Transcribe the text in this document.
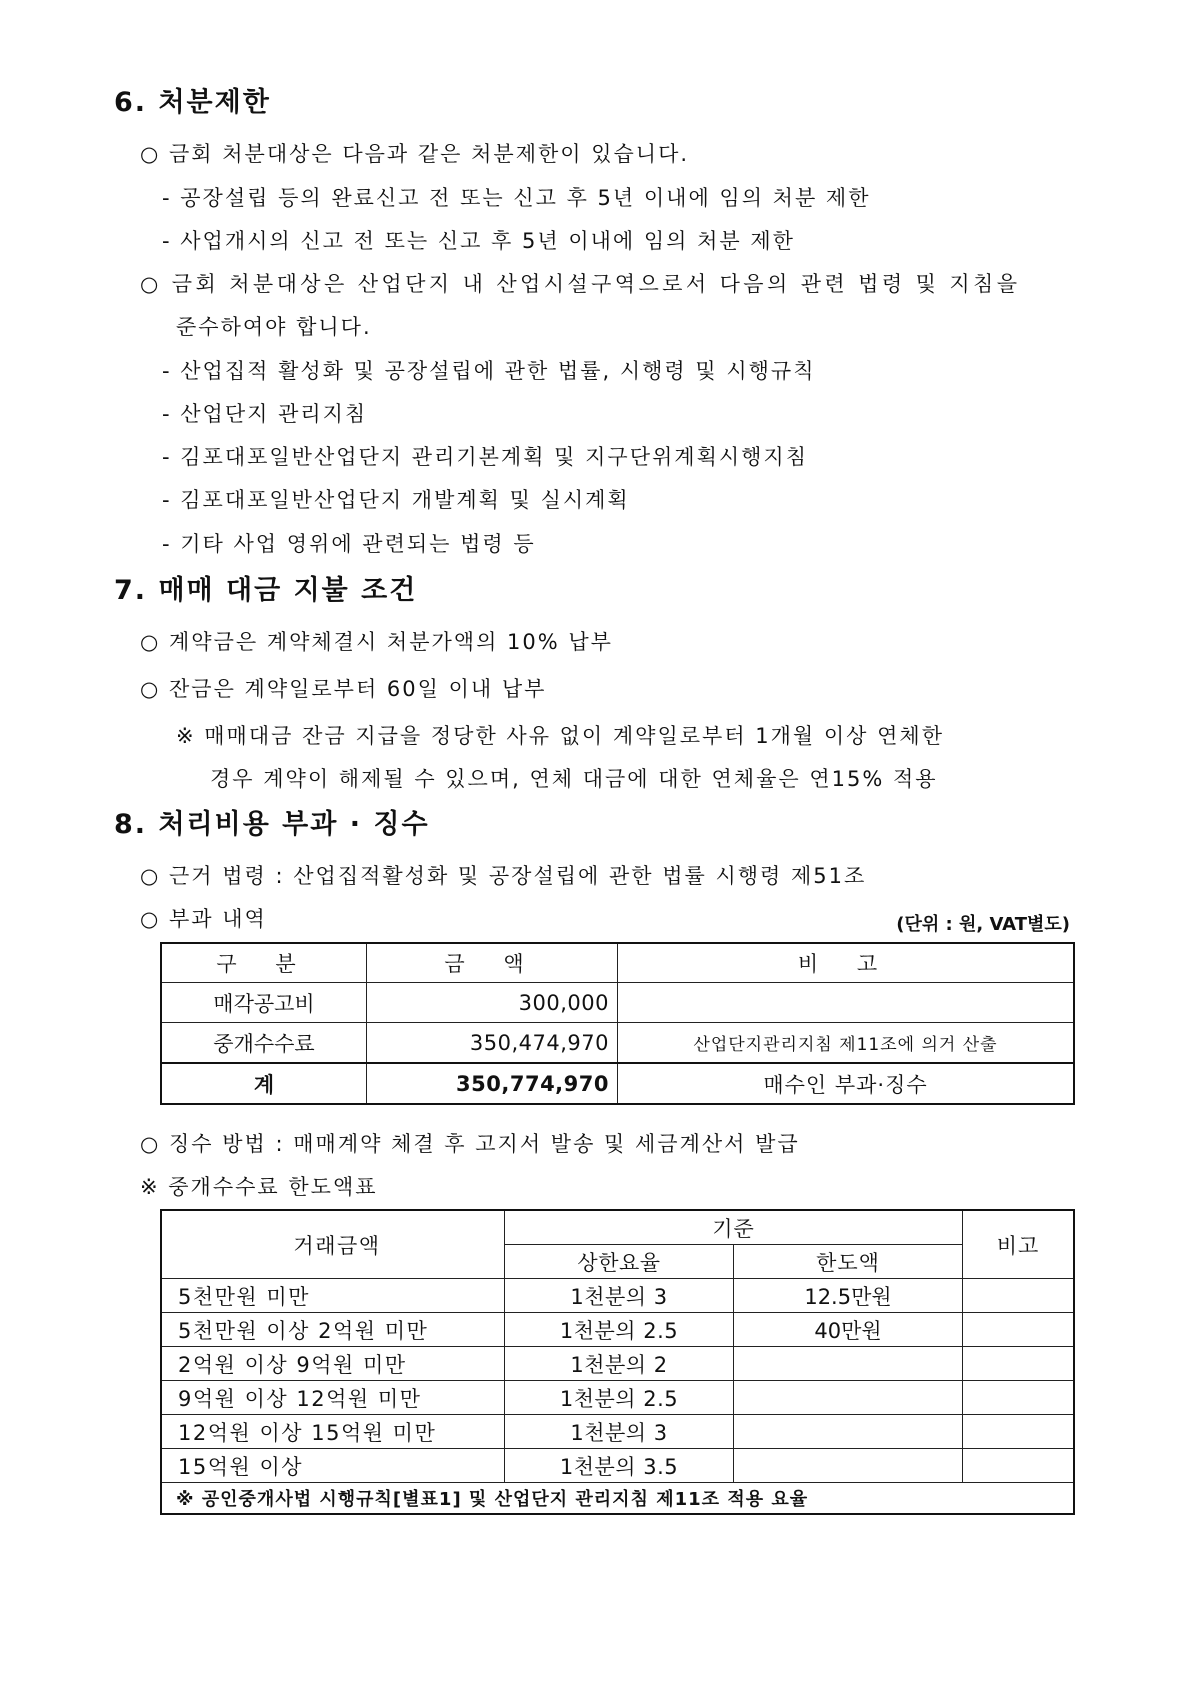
6. 처분제한
○ 금회 처분대상은 다음과 같은 처분제한이 있습니다.
- 공장설립 등의 완료신고 전 또는 신고 후 5년 이내에 임의 처분 제한
- 사업개시의 신고 전 또는 신고 후 5년 이내에 임의 처분 제한
○ 금회 처분대상은 산업단지 내 산업시설구역으로서 다음의 관련 법령 및 지침을
준수하여야 합니다.
- 산업집적 활성화 및 공장설립에 관한 법률, 시행령 및 시행규칙
- 산업단지 관리지침
- 김포대포일반산업단지 관리기본계획 및 지구단위계획시행지침
- 김포대포일반산업단지 개발계획 및 실시계획
- 기타 사업 영위에 관련되는 법령 등
7. 매매 대금 지불 조건
○ 계약금은 계약체결시 처분가액의 10% 납부
○ 잔금은 계약일로부터 60일 이내 납부
※ 매매대금 잔금 지급을 정당한 사유 없이 계약일로부터 1개월 이상 연체한
경우 계약이 해제될 수 있으며, 연체 대금에 대한 연체율은 연15% 적용
8. 처리비용 부과 · 징수
○ 근거 법령 : 산업집적활성화 및 공장설립에 관한 법률 시행령 제51조
○ 부과 내역	(단위 : 원, VAT별도)
구 분	금 액	비 고
매각공고비	300,000	
중개수수료	350,474,970	산업단지관리지침 제11조에 의거 산출
계	350,774,970	매수인 부과·징수
○ 징수 방법 : 매매계약 체결 후 고지서 발송 및 세금계산서 발급
※ 중개수수료 한도액표
거래금액	기준		비고
	상한요율	한도액	
5천만원 미만	1천분의 3	12.5만원	
5천만원 이상 2억원 미만	1천분의 2.5	40만원	
2억원 이상 9억원 미만	1천분의 2		
9억원 이상 12억원 미만	1천분의 2.5		
12억원 이상 15억원 미만	1천분의 3		
15억원 이상	1천분의 3.5		
※ 공인중개사법 시행규칙[별표1] 및 산업단지 관리지침 제11조 적용 요율			
